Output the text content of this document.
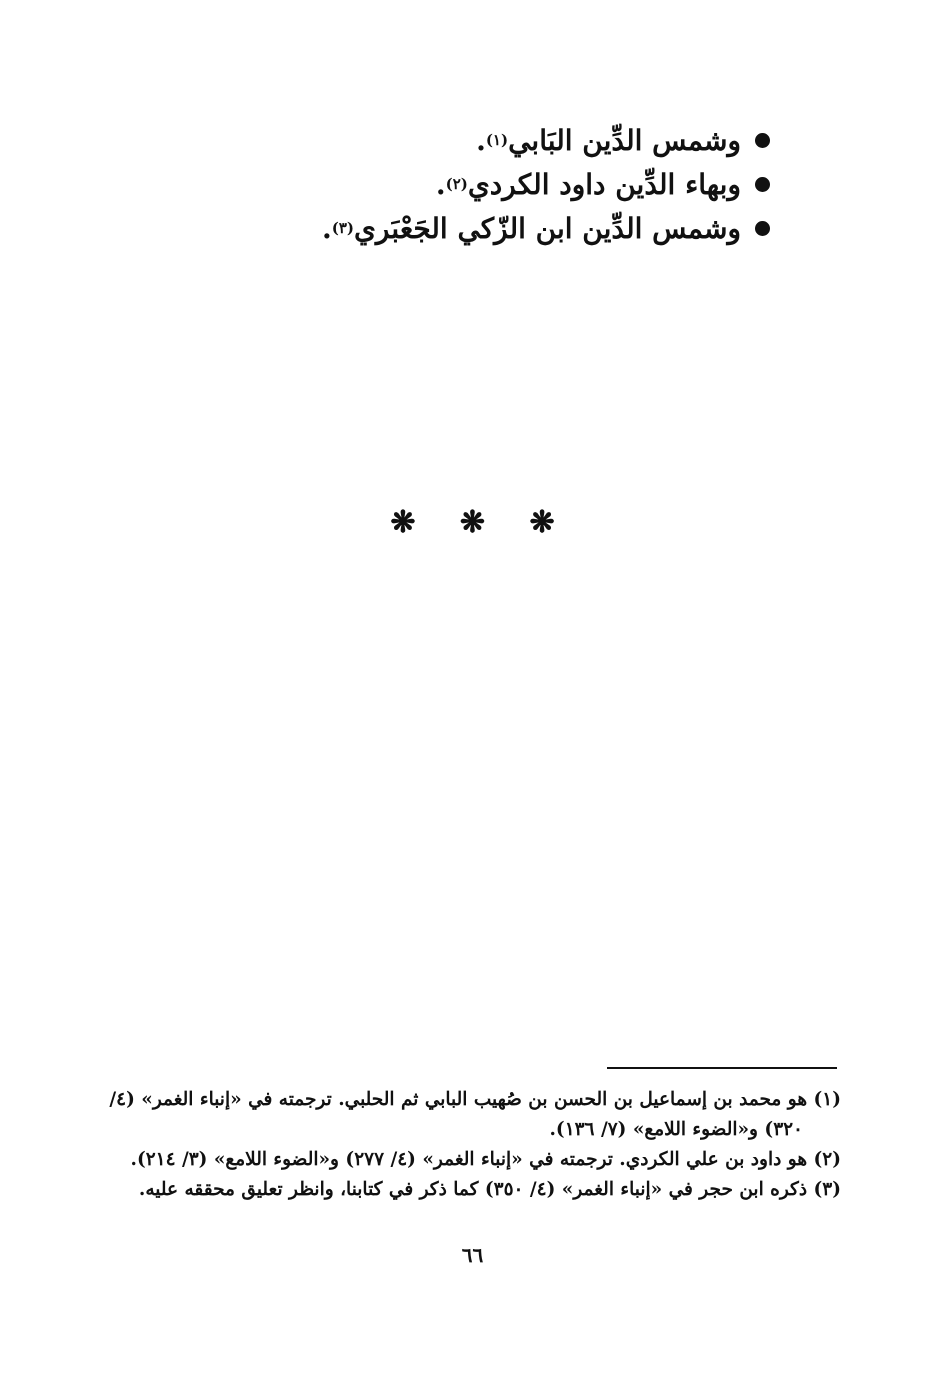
وشمس الدِّين البَابي
(١)
.
وبهاء الدِّين داود الكردي
(٢)
.
وشمس الدِّين ابن الزّكي الجَعْبَري
(٣)
.
❋ ❋ ❋

(١) هو محمد بن إسماعيل بن الحسن بن صُهيب البابي ثم الحلبي. ترجمته في «إنباء الغمر» (٤/ ٣٢٠) و«الضوء اللامع» (٧/ ١٣٦).

(٢) هو داود بن علي الكردي. ترجمته في «إنباء الغمر» (٤/ ٢٧٧) و«الضوء اللامع» (٣/ ٢١٤).

(٣) ذكره ابن حجر في «إنباء الغمر» (٤/ ٣٥٠) كما ذكر في كتابنا، وانظر تعليق محققه عليه.

٦٦
